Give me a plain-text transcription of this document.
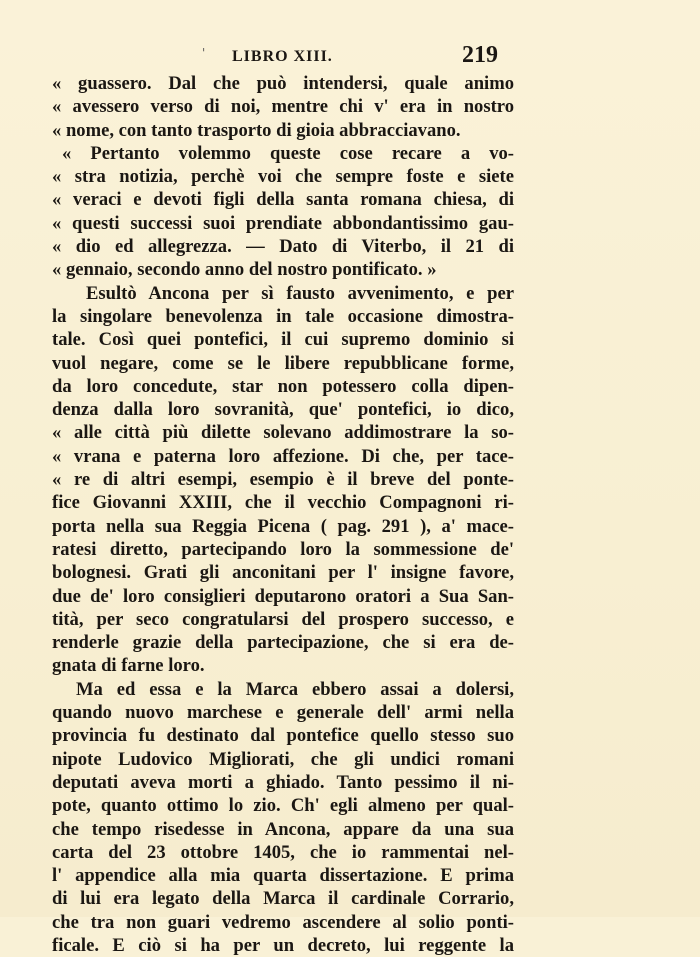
' LIBRO XIII.	219
« guassero. Dal che può intendersi, quale animo
« avessero verso di noi, mentre chi v' era in nostro
« nome, con tanto trasporto di gioia abbracciavano.
« Pertanto volemmo queste cose recare a vo-
« stra notizia, perchè voi che sempre foste e siete
« veraci e devoti figli della santa romana chiesa, di
« questi successi suoi prendiate abbondantissimo gau-
« dio ed allegrezza. — Dato di Viterbo, il 21 di
« gennaio, secondo anno del nostro pontificato. »
Esultò Ancona per sì fausto avvenimento, e per
la singolare benevolenza in tale occasione dimostra-
tale. Così quei pontefici, il cui supremo dominio si
vuol negare, come se le libere repubblicane forme,
da loro concedute, star non potessero colla dipen-
denza dalla loro sovranità, que' pontefici, io dico,
« alle città più dilette solevano addimostrare la so-
« vrana e paterna loro affezione. Di che, per tace-
« re di altri esempi, esempio è il breve del ponte-
fice Giovanni XXIII, che il vecchio Compagnoni ri-
porta nella sua Reggia Picena ( pag. 291 ), a' mace-
ratesi diretto, partecipando loro la sommessione de'
bolognesi. Grati gli anconitani per l' insigne favore,
due de' loro consiglieri deputarono oratori a Sua San-
tità, per seco congratularsi del prospero successo, e
renderle grazie della partecipazione, che si era de-
gnata di farne loro.
Ma ed essa e la Marca ebbero assai a dolersi,
quando nuovo marchese e generale dell' armi nella
provincia fu destinato dal pontefice quello stesso suo
nipote Ludovico Migliorati, che gli undici romani
deputati aveva morti a ghiado. Tanto pessimo il ni-
pote, quanto ottimo lo zio. Ch' egli almeno per qual-
che tempo risedesse in Ancona, appare da una sua
carta del 23 ottobre 1405, che io rammentai nel-
l' appendice alla mia quarta dissertazione. E prima
di lui era legato della Marca il cardinale Corrario,
che tra non guari vedremo ascendere al solio ponti-
ficale. E ciò si ha per un decreto, lui reggente la
